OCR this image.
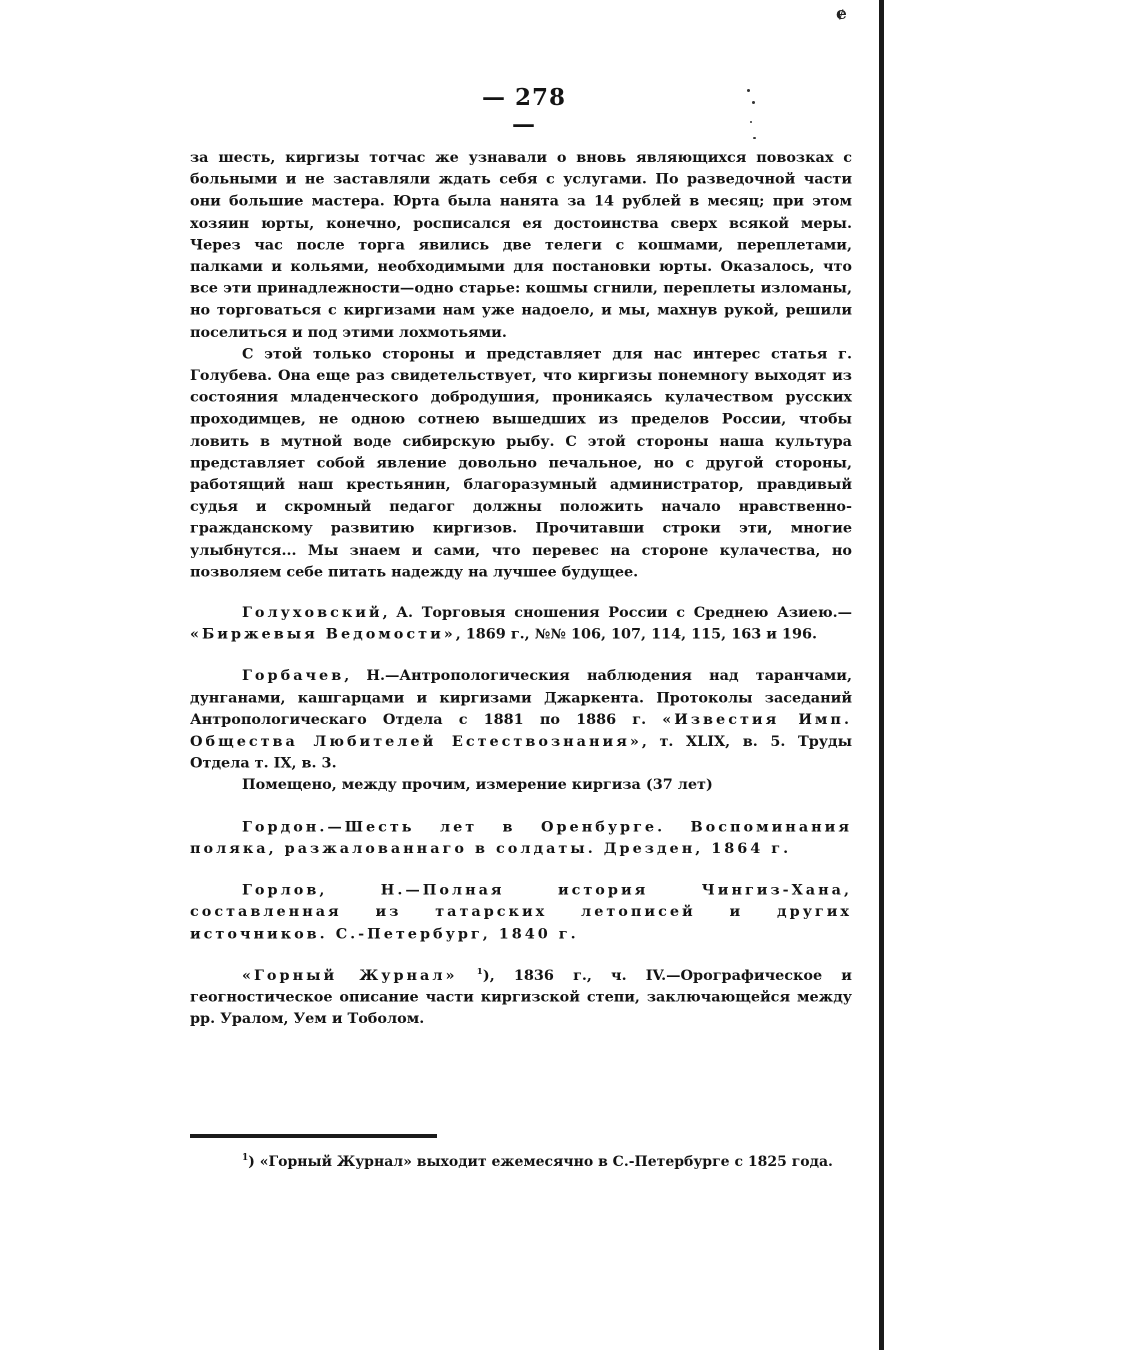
ɇ
— 278 —

за шесть, киргизы тотчас же узнавали о вновь являющихся повозках с больными и не заставляли ждать себя с услугами. По разведочной части они большие мастера. Юрта была нанята за 14 рублей в месяц; при этом хозяин юрты, конечно, росписался ея достоинства сверх всякой меры. Через час после торга явились две телеги с кошмами, переплетами, палками и кольями, необходимыми для постановки юрты. Оказалось, что все эти принадлежности—одно старье: кошмы сгнили, переплеты изломаны, но торговаться с киргизами нам уже надоело, и мы, махнув рукой, решили поселиться и под этими лохмотьями.

С этой только стороны и представляет для нас интерес статья г. Голубева. Она еще раз свидетельствует, что киргизы понемногу выходят из состояния младенческого добродушия, проникаясь кулачеством русских проходимцев, не одною сотнею вышедших из пределов России, чтобы ловить в мутной воде сибирскую рыбу. С этой стороны наша культура представляет собой явление довольно печальное, но с другой стороны, работящий наш крестьянин, благоразумный администратор, правдивый судья и скромный педагог должны положить начало нравственно-гражданскому развитию киргизов. Прочитавши строки эти, многие улыбнутся... Мы знаем и сами, что перевес на стороне кулачества, но позволяем себе питать надежду на лучшее будущее.

Голуховский, А. Торговыя сношения России с Среднею Азиею.— «Биржевыя Ведомости», 1869 г., №№ 106, 107, 114, 115, 163 и 196.

Горбачев, Н.—Антропологическия наблюдения над таранчами, дунганами, кашгарцами и киргизами Джаркента. Протоколы заседаний Антропологическаго Отдела с 1881 по 1886 г. «Известия Имп. Общества Любителей Естествознания», т. XLIX, в. 5. Труды Отдела т. IX, в. 3.

Помещено, между прочим, измерение киргиза (37 лет)

Гордон.—Шесть лет в Оренбурге. Воспоминания поляка, разжалованнаго в солдаты. Дрезден, 1864 г.

Горлов, Н.—Полная история Чингиз-Хана, составленная из татарских летописей и других источников. С.-Петербург, 1840 г.

«Горный Журнал» $^1$), 1836 г., ч. IV.—Орографическое и геогностическое описание части киргизской степи, заключающейся между рр. Уралом, Уем и Тоболом.

$^1$) «Горный Журнал» выходит ежемесячно в С.-Петербурге с 1825 года.
